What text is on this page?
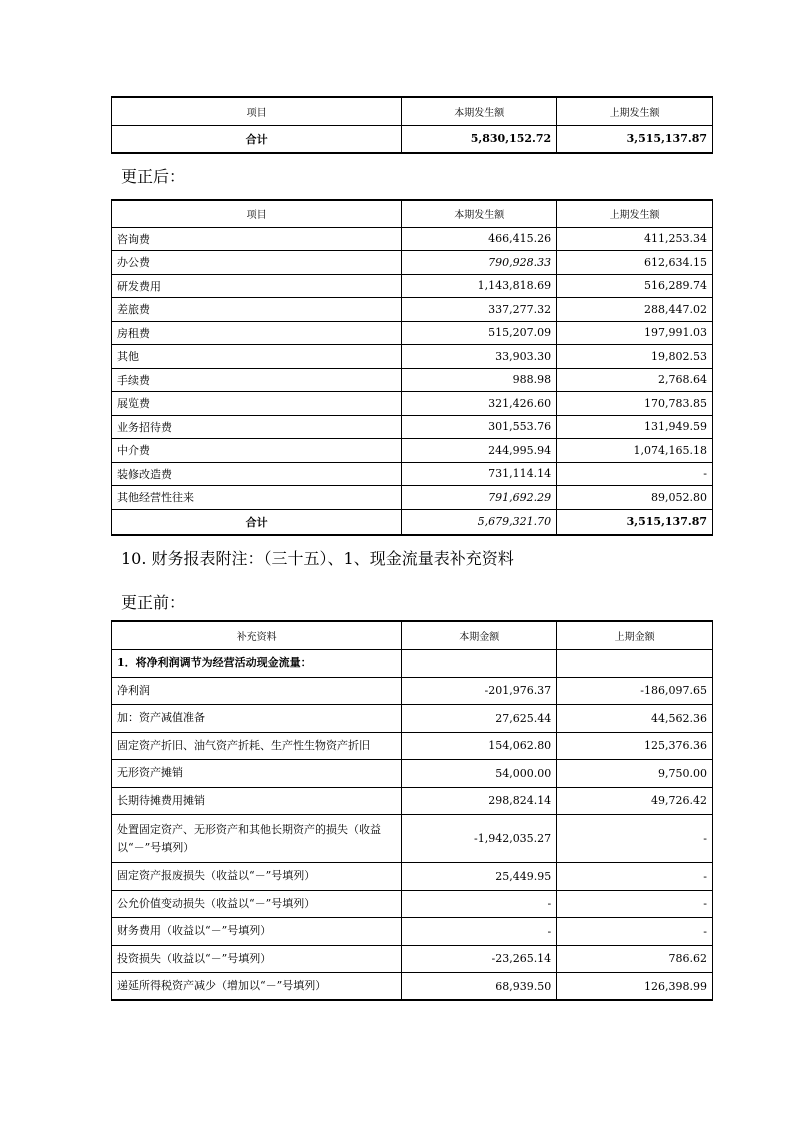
项目	本期发生额	上期发生额
合计	5,830,152.72	3,515,137.87
更正后：
项目	本期发生额	上期发生额
咨询费	466,415.26	411,253.34
办公费	790,928.33	612,634.15
研发费用	1,143,818.69	516,289.74
差旅费	337,277.32	288,447.02
房租费	515,207.09	197,991.03
其他	33,903.30	19,802.53
手续费	988.98	2,768.64
展览费	321,426.60	170,783.85
业务招待费	301,553.76	131,949.59
中介费	244,995.94	1,074,165.18
装修改造费	731,114.14	-
其他经营性往来	791,692.29	89,052.80
合计	5,679,321.70	3,515,137.87
10. 财务报表附注：（三十五）、1、现金流量表补充资料
更正前：
补充资料	本期金额	上期金额
1．将净利润调节为经营活动现金流量：		
净利润	-201,976.37	-186,097.65
加：资产减值准备	27,625.44	44,562.36
固定资产折旧、油气资产折耗、生产性生物资产折旧	154,062.80	125,376.36
无形资产摊销	54,000.00	9,750.00
长期待摊费用摊销	298,824.14	49,726.42
处置固定资产、无形资产和其他长期资产的损失（收益以“－”号填列）	-1,942,035.27	-
固定资产报废损失（收益以“－”号填列）	25,449.95	-
公允价值变动损失（收益以“－”号填列）	-	-
财务费用（收益以“－”号填列）	-	-
投资损失（收益以“－”号填列）	-23,265.14	786.62
递延所得税资产减少（增加以“－”号填列）	68,939.50	126,398.99
